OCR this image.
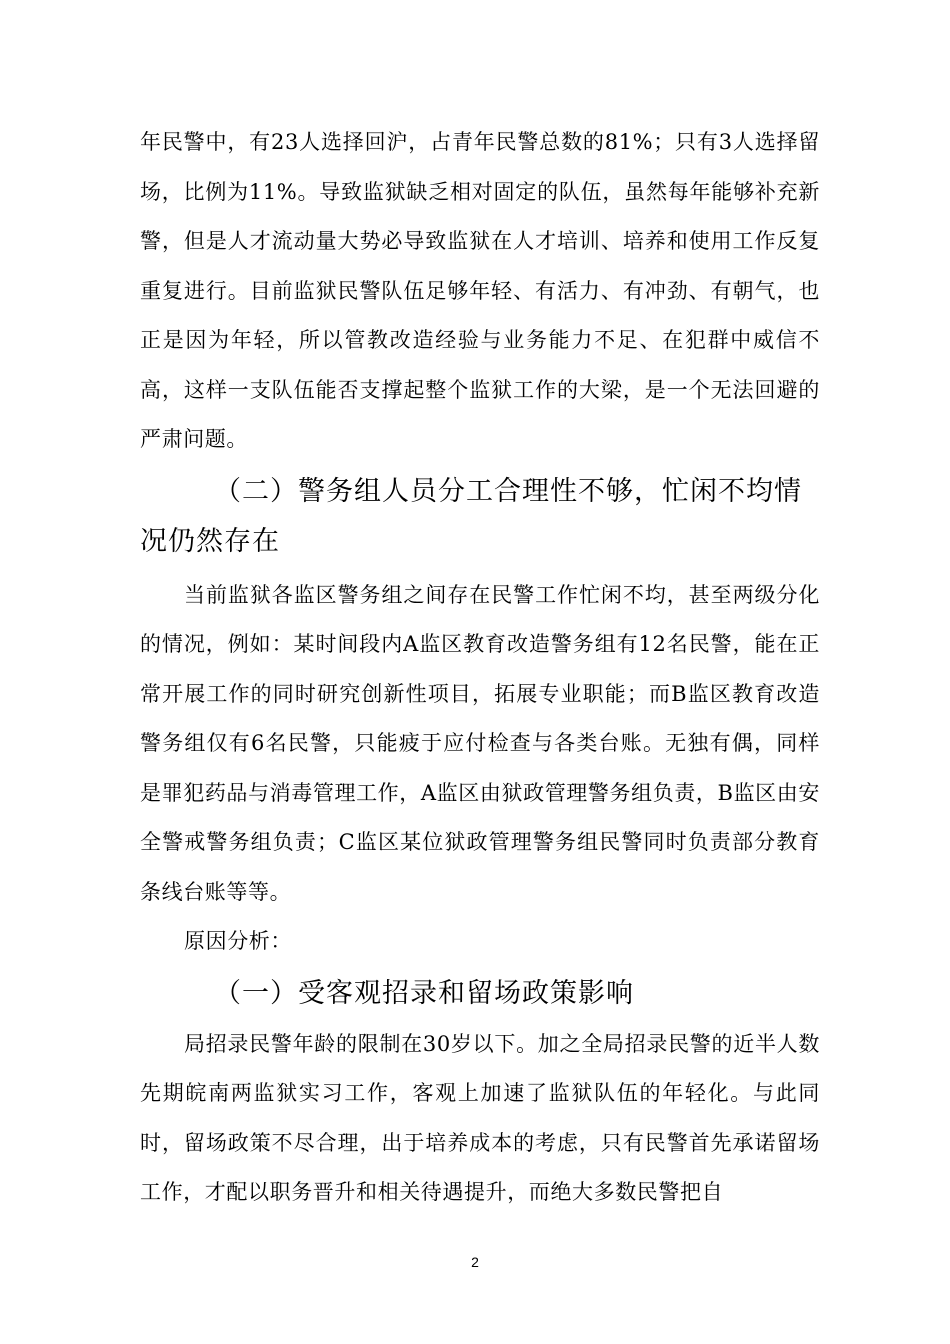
年民警中，有23人选择回沪，占青年民警总数的81%；只有3人选择留场，比例为11%。导致监狱缺乏相对固定的队伍，虽然每年能够补充新警，但是人才流动量大势必导致监狱在人才培训、培养和使用工作反复重复进行。目前监狱民警队伍足够年轻、有活力、有冲劲、有朝气，也正是因为年轻，所以管教改造经验与业务能力不足、在犯群中威信不高，这样一支队伍能否支撑起整个监狱工作的大梁，是一个无法回避的严肃问题。

（二）警务组人员分工合理性不够，忙闲不均情况仍然存在

当前监狱各监区警务组之间存在民警工作忙闲不均，甚至两级分化的情况，例如：某时间段内A监区教育改造警务组有12名民警，能在正常开展工作的同时研究创新性项目，拓展专业职能；而B监区教育改造警务组仅有6名民警，只能疲于应付检查与各类台账。无独有偶，同样是罪犯药品与消毒管理工作，A监区由狱政管理警务组负责，B监区由安全警戒警务组负责；C监区某位狱政管理警务组民警同时负责部分教育条线台账等等。

原因分析：

（一）受客观招录和留场政策影响

局招录民警年龄的限制在30岁以下。加之全局招录民警的近半人数先期皖南两监狱实习工作，客观上加速了监狱队伍的年轻化。与此同时，留场政策不尽合理，出于培养成本的考虑，只有民警首先承诺留场工作，才配以职务晋升和相关待遇提升，而绝大多数民警把自

2
